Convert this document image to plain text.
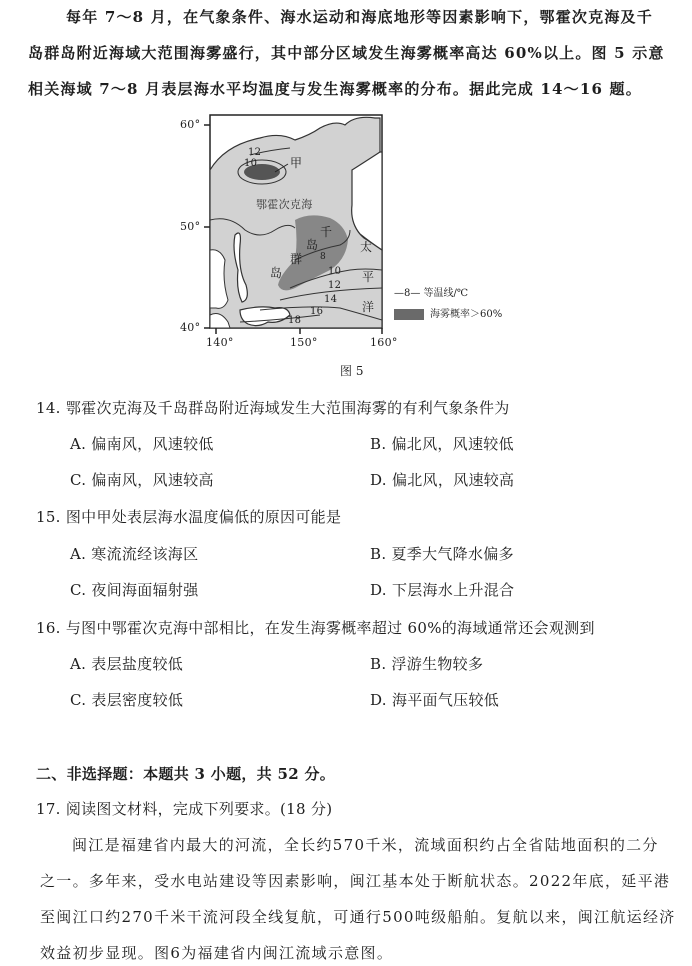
每年 7～8 月，在气象条件、海水运动和海底地形等因素影响下，鄂霍次克海及千
岛群岛附近海域大范围海雾盛行，其中部分区域发生海雾概率高达 60%以上。图 5 示意
相关海域 7～8 月表层海水平均温度与发生海雾概率的分布。据此完成 14～16 题。
60°
50°
40°
140°	150°	160°
甲
鄂霍次克海
千
岛
群
岛
太
平
洋
12
10
8
10
12
14
16
18
—8— 等温线/℃
海雾概率＞60%
图 5
14. 鄂霍次克海及千岛群岛附近海域发生大范围海雾的有利气象条件为
A. 偏南风，风速较低	B. 偏北风，风速较低
C. 偏南风，风速较高	D. 偏北风，风速较高
15. 图中甲处表层海水温度偏低的原因可能是
A. 寒流流经该海区	B. 夏季大气降水偏多
C. 夜间海面辐射强	D. 下层海水上升混合
16. 与图中鄂霍次克海中部相比，在发生海雾概率超过 60%的海域通常还会观测到
A. 表层盐度较低	B. 浮游生物较多
C. 表层密度较低	D. 海平面气压较低
二、非选择题：本题共 3 小题，共 52 分。
17. 阅读图文材料，完成下列要求。(18 分)
闽江是福建省内最大的河流，全长约570千米，流域面积约占全省陆地面积的二分
之一。多年来，受水电站建设等因素影响，闽江基本处于断航状态。2022年底，延平港
至闽江口约270千米干流河段全线复航，可通行500吨级船舶。复航以来，闽江航运经济
效益初步显现。图6为福建省内闽江流域示意图。
